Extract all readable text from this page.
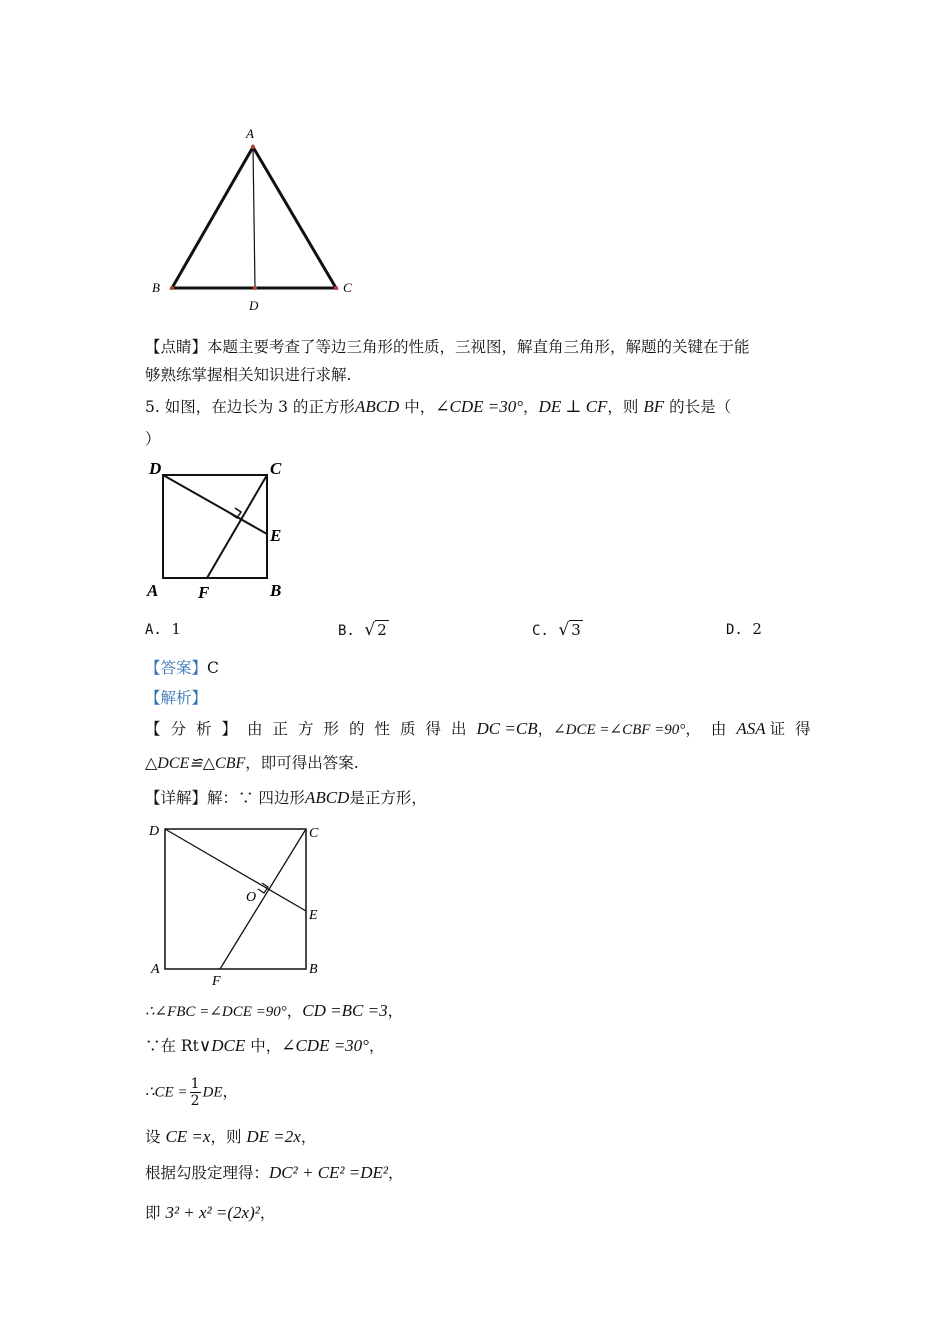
A
B	C
D
【点睛】本题主要考查了等边三角形的性质，三视图，解直角三角形，解题的关键在于能
够熟练掌握相关知识进行求解.
5. 如图，在边长为 3 的正方形ABCD 中，∠CDE =30°，DE ⊥ CF，则 BF 的长是（
）
D	C
E
A F	B
A. 1	B. √ 2	C. √ 3	D. 2
【答案】C
【解析】
【分析】由正方形的性质得出DC =CB，∠DCE =∠CBF =90°，由ASA 证得
△DCE≌△CBF，即可得出答案.
【详解】解：∵ 四边形ABCD是正方形，
D	C
O
E
A
F
B
∴∠FBC =∠DCE =90°，CD =BC =3，
∵在 Rt∨DCE 中，∠CDE =30°，
∴CE = $\frac{1}{2}$ DE，
设 CE =x，则 DE =2x，
根据勾股定理得：DC² + CE² =DE²，
即 3² + x² =(2x)²，
